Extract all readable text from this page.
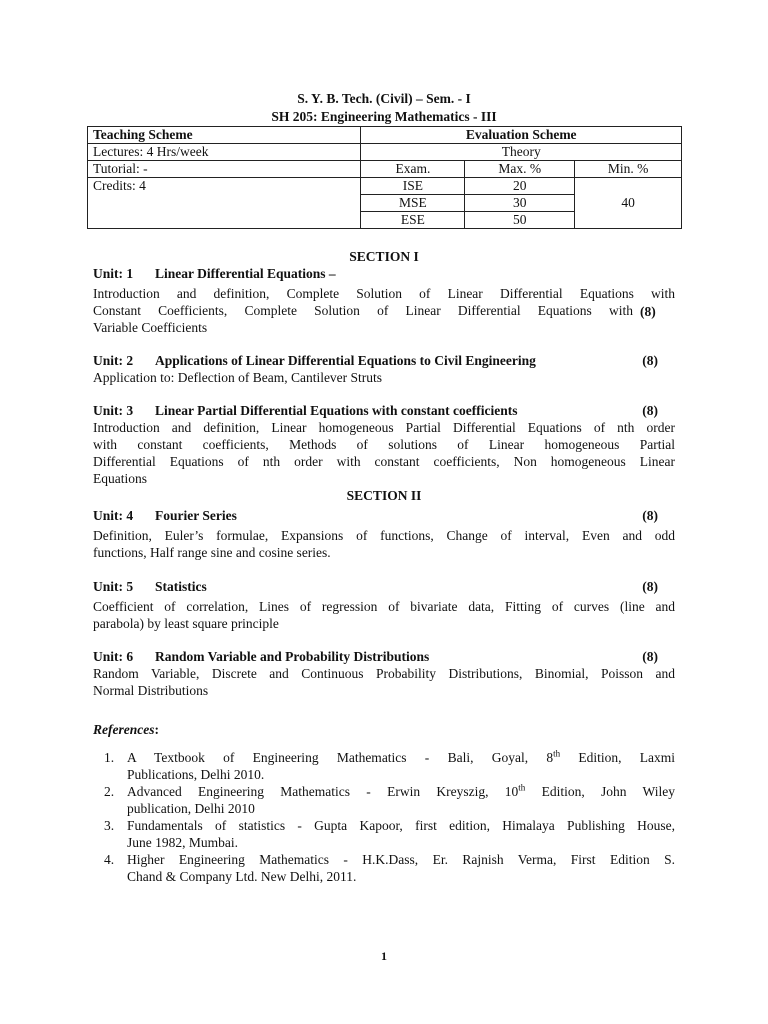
S. Y. B. Tech. (Civil) – Sem. - I
SH 205: Engineering Mathematics - III
Teaching Scheme	Evaluation Scheme		
Lectures: 4 Hrs/week	Theory		
Tutorial: -	Exam.	Max. %	Min. %
Credits: 4	ISE	20	40
	MSE	30	
	ESE	50	
SECTION I
Unit: 1 Linear Differential Equations –
Introduction and definition, Complete Solution of Linear Differential Equations with
Constant Coefficients, Complete Solution of Linear Differential Equations with
Variable Coefficients
(8)
Unit: 2 Applications of Linear Differential Equations to Civil Engineering	(8)
Application to: Deflection of Beam, Cantilever Struts
Unit: 3 Linear Partial Differential Equations with constant coefficients	(8)
Introduction and definition, Linear homogeneous Partial Differential Equations of nth order
with constant coefficients, Methods of solutions of Linear homogeneous Partial
Differential Equations of nth order with constant coefficients, Non homogeneous Linear
Equations
SECTION II
Unit: 4 Fourier Series	(8)
Definition, Euler’s formulae, Expansions of functions, Change of interval, Even and odd
functions, Half range sine and cosine series.
Unit: 5 Statistics	(8)
Coefficient of correlation, Lines of regression of bivariate data, Fitting of curves (line and
parabola) by least square principle
Unit: 6 Random Variable and Probability Distributions	(8)
Random Variable, Discrete and Continuous Probability Distributions, Binomial, Poisson and
Normal Distributions
References:
1. A Textbook of Engineering Mathematics - Bali, Goyal, 8th Edition, Laxmi
Publications, Delhi 2010.
2. Advanced Engineering Mathematics - Erwin Kreyszig, 10th Edition, John Wiley
publication, Delhi 2010
3. Fundamentals of statistics - Gupta Kapoor, first edition, Himalaya Publishing House,
June 1982, Mumbai.
4. Higher Engineering Mathematics - H.K.Dass, Er. Rajnish Verma, First Edition S.
Chand & Company Ltd. New Delhi, 2011.
1
